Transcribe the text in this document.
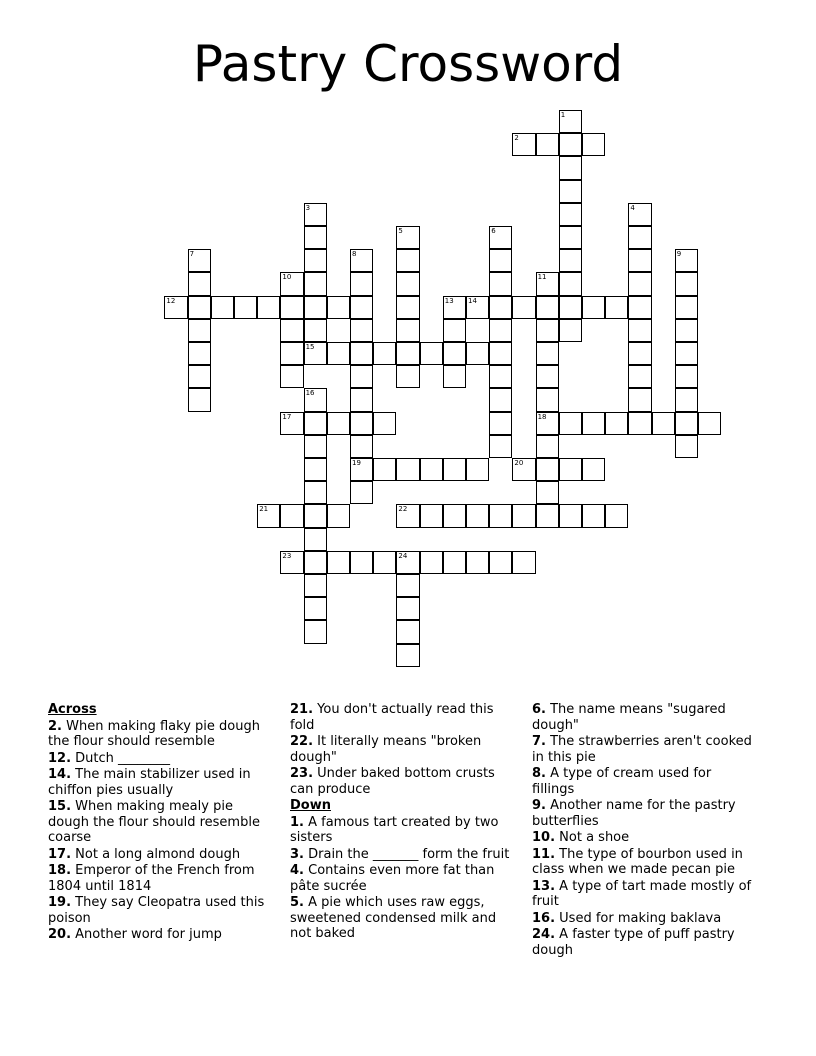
Pastry Crossword
1
2
3	4
5	6
7	8
19
9
10	11
18
12	13 14
15
16
17
20
21	22
23	24
Across
2. When making flaky pie dough the flour should resemble
12. Dutch ________
14. The main stabilizer used in chiffon pies usually
15. When making mealy pie dough the flour should resemble coarse
17. Not a long almond dough
18. Emperor of the French from 1804 until 1814
19. They say Cleopatra used this poison
20. Another word for jump
21. You don't actually read this fold
22. It literally means "broken dough"
23. Under baked bottom crusts can produce
Down
1. A famous tart created by two sisters
3. Drain the _______ form the fruit
4. Contains even more fat than pâte sucrée
5. A pie which uses raw eggs, sweetened condensed milk and not baked
6. The name means "sugared dough"
7. The strawberries aren't cooked in this pie
8. A type of cream used for fillings
9. Another name for the pastry butterflies
10. Not a shoe
11. The type of bourbon used in class when we made pecan pie
13. A type of tart made mostly of fruit
16. Used for making baklava
24. A faster type of puff pastry dough
